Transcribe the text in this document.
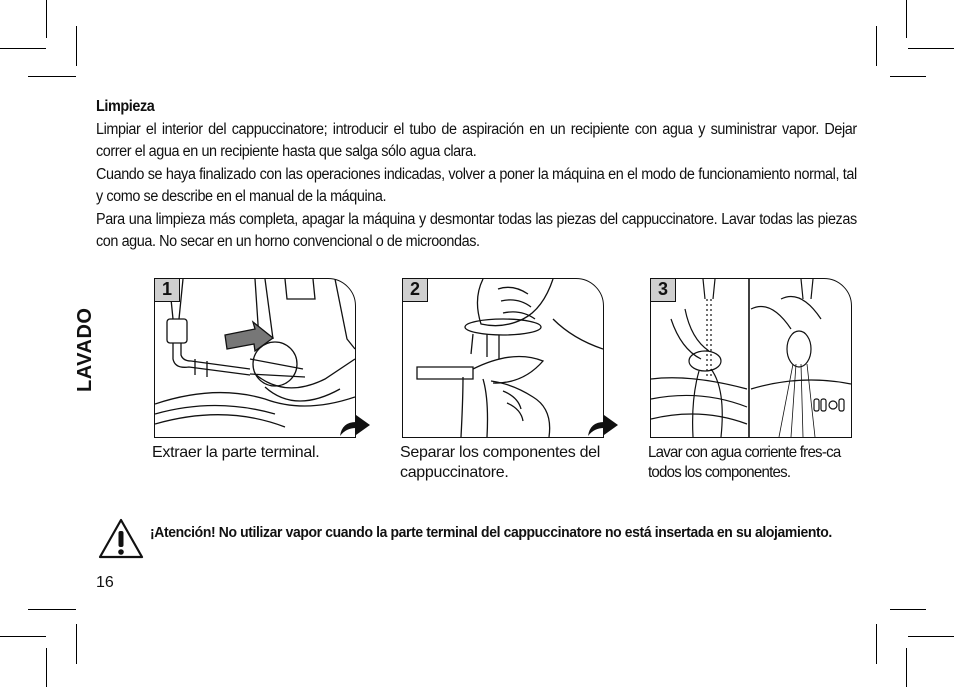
Limpieza

Limpiar el interior del cappuccinatore; introducir el tubo de aspiración en un recipiente con agua y suministrar vapor. Dejar correr el agua en un recipiente hasta que salga sólo agua clara.

Cuando se haya finalizado con las operaciones indicadas, volver a poner la máquina en el modo de funcionamiento normal, tal y como se describe en el manual de la máquina.

Para una limpieza más completa, apagar la máquina y desmontar todas las piezas del cappuccinatore. Lavar todas las piezas con agua. No secar en un horno convencional o de microondas.

LAVADO
1
Extraer la parte terminal.
2
Separar los componentes del cappuccinatore.
3
Lavar con agua corriente fres-ca todos los componentes.
¡Atención! No utilizar vapor cuando la parte terminal del cappuccinatore no está insertada en su alojamiento.
16
